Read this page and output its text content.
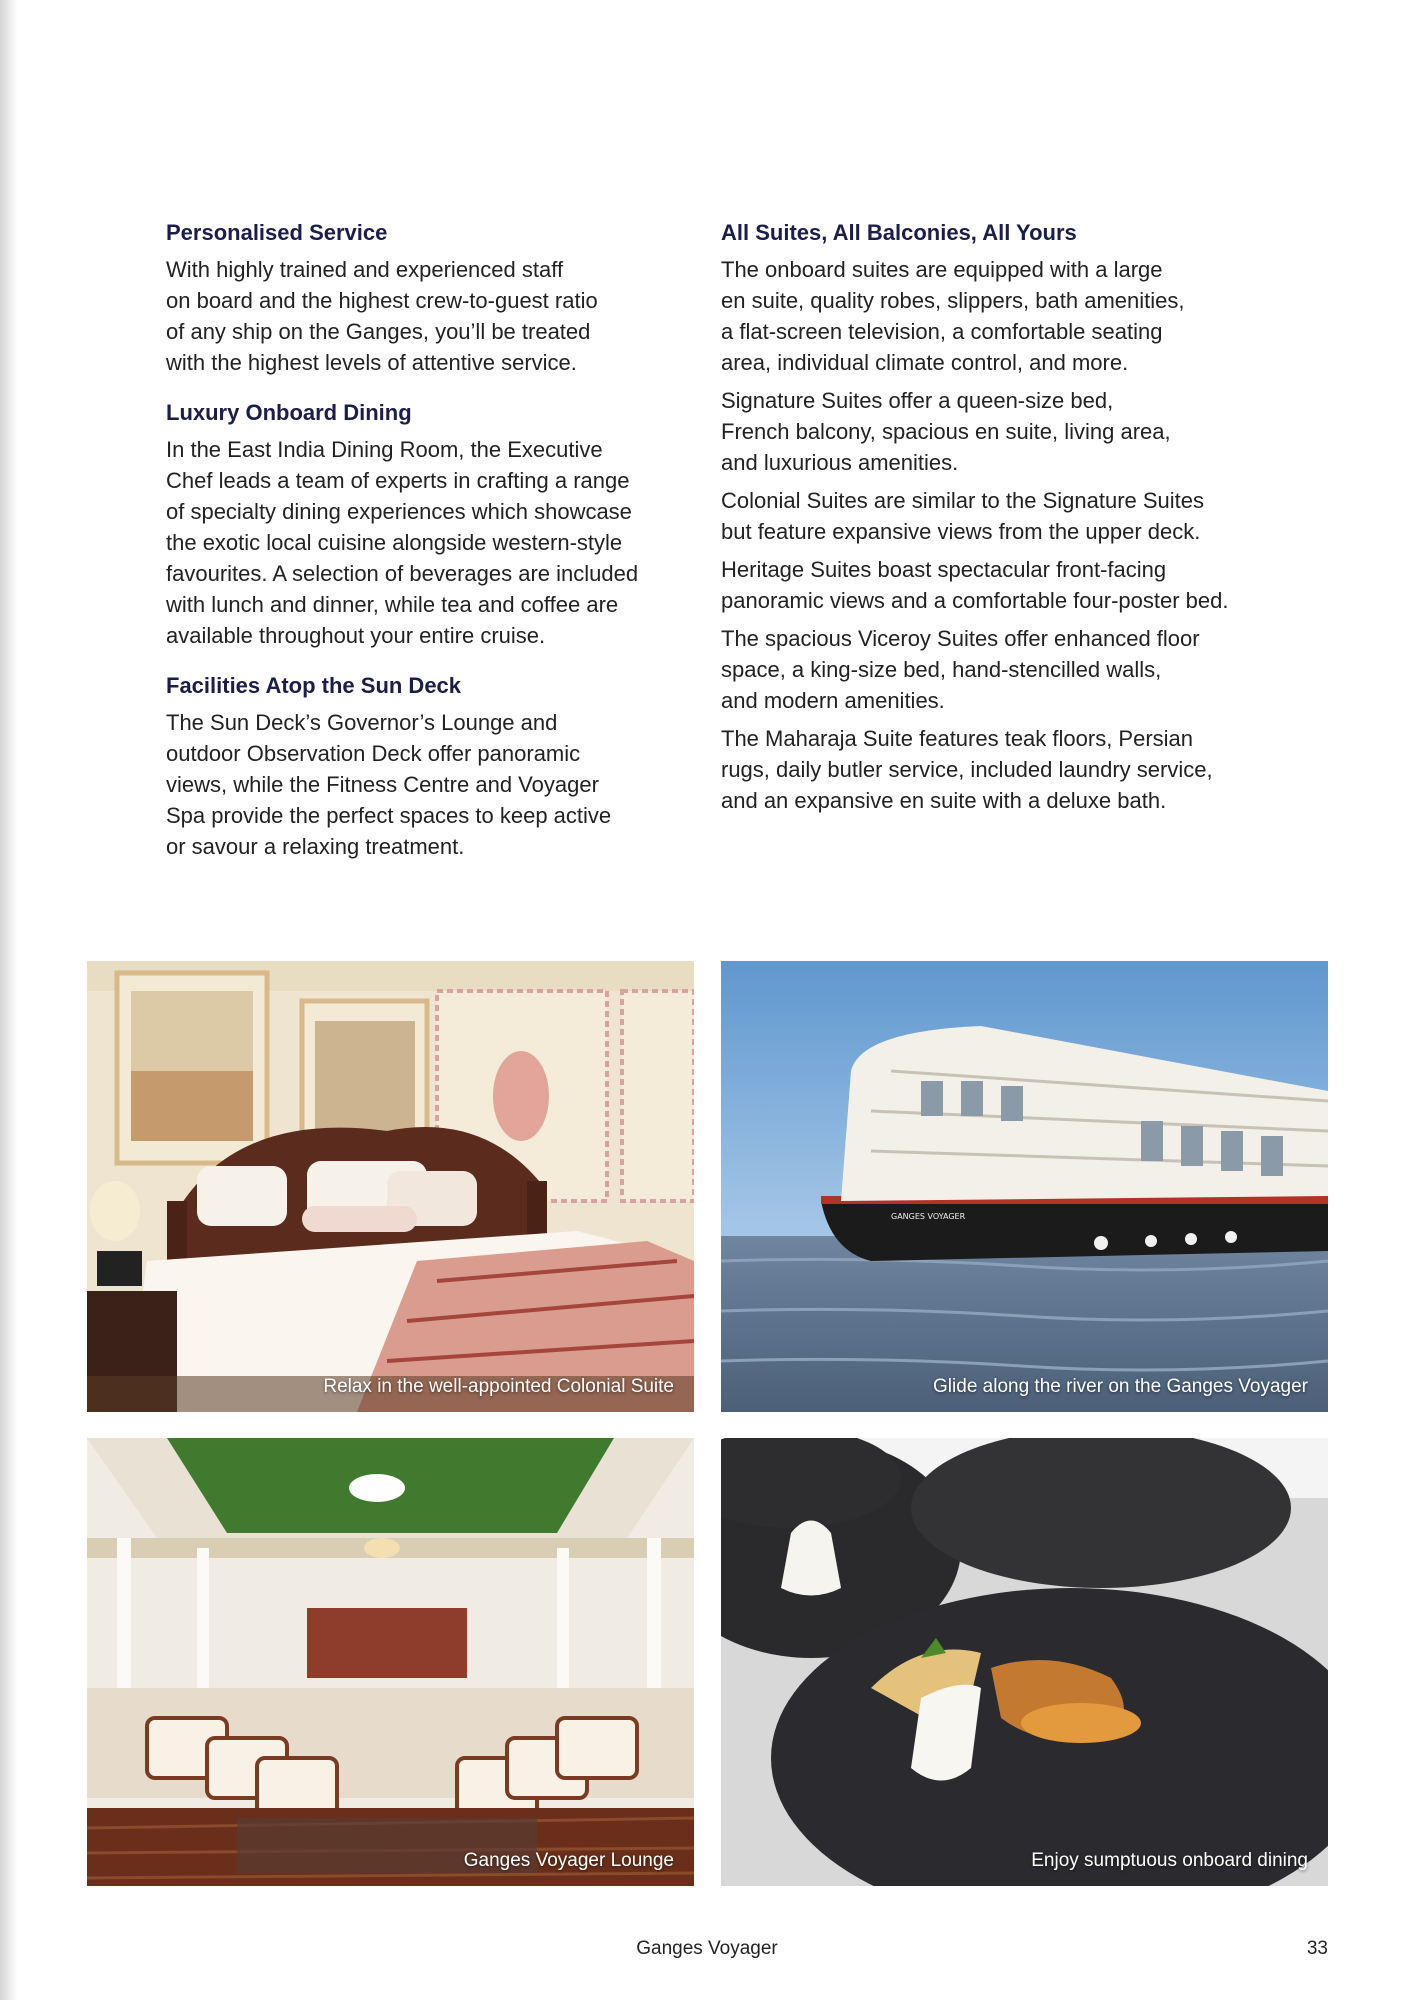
Personalised Service

With highly trained and experienced staff
on board and the highest crew-to-guest ratio
of any ship on the Ganges, you’ll be treated
with the highest levels of attentive service.

Luxury Onboard Dining

In the East India Dining Room, the Executive
Chef leads a team of experts in crafting a range
of specialty dining experiences which showcase
the exotic local cuisine alongside western-style
favourites. A selection of beverages are included
with lunch and dinner, while tea and coffee are
available throughout your entire cruise.

Facilities Atop the Sun Deck

The Sun Deck’s Governor’s Lounge and
outdoor Observation Deck offer panoramic
views, while the Fitness Centre and Voyager
Spa provide the perfect spaces to keep active
or savour a relaxing treatment.

All Suites, All Balconies, All Yours

The onboard suites are equipped with a large
en suite, quality robes, slippers, bath amenities,
a flat-screen television, a comfortable seating
area, individual climate control, and more.

Signature Suites offer a queen-size bed,
French balcony, spacious en suite, living area,
and luxurious amenities.

Colonial Suites are similar to the Signature Suites
but feature expansive views from the upper deck.

Heritage Suites boast spectacular front-facing
panoramic views and a comfortable four-poster bed.

The spacious Viceroy Suites offer enhanced floor
space, a king-size bed, hand-stencilled walls,
and modern amenities.

The Maharaja Suite features teak floors, Persian
rugs, daily butler service, included laundry service,
and an expansive en suite with a deluxe bath.

Relax in the well-appointed Colonial Suite
GANGES VOYAGER
Glide along the river on the Ganges Voyager
Ganges Voyager Lounge	Enjoy sumptuous onboard dining
Ganges Voyager	33
